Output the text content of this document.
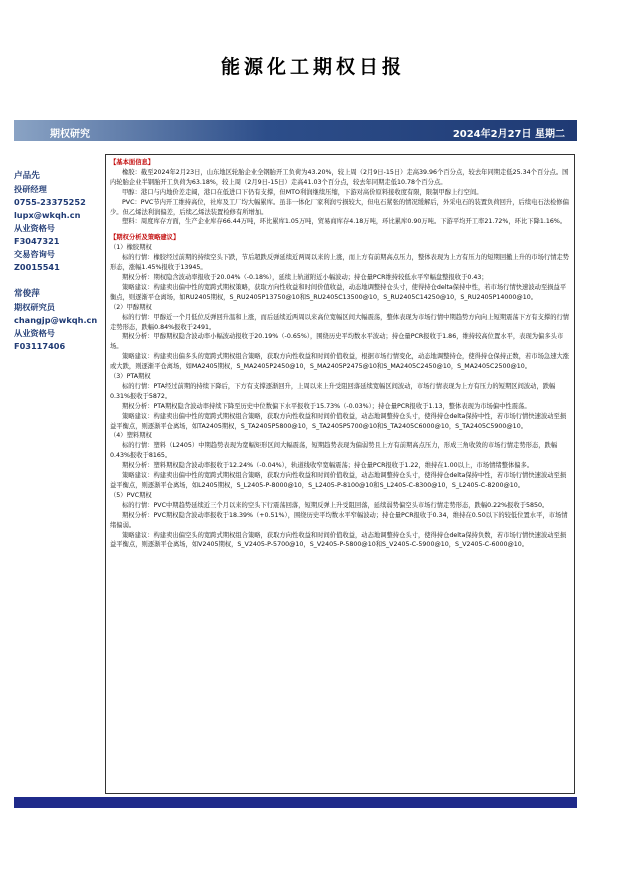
能源化工期权日报
期权研究	2024年2月27日 星期二
卢品先
投研经理
0755-23375252
lupx@wkqh.cn
从业资格号
F3047321
交易咨询号
Z0015541
常俊萍
期权研究员
changjp@wkqh.cn
从业资格号
F03117406
【基本面信息】

橡胶：截至2024年2月23日，山东地区轮胎企业全钢胎开工负荷为43.20%，较上周（2月9日-15日）走高39.96个百分点，较去年同期走低25.34个百分点。国内轮胎企业半钢胎开工负荷为63.18%，较上周（2月9日-15日）走高41.03个百分点，较去年同期走低10.78个百分点。

甲醇：港口与内地价差走阔，港口在低进口下仍有支撑，但MTO利润继续压缩，下游对高价原料接收度有限，限制甲醇上行空间。

PVC：PVC节内开工维持高位，社库及工厂均大幅累库。虽非一体化厂家利润亏损较大，但电石紧张的情况缓解后，外采电石的装置负荷回升，后续电石法检修偏少。但乙烯法利润偏差，后续乙烯法装置检修有所增加。

塑料：周度库存方面，生产企业库存66.44万吨，环比累库1.05万吨，贸易商库存4.18万吨，环比累库0.90万吨。下游平均开工率21.72%，环比下降1.16%。

【期权分析及策略建议】
（1）橡胶期权

标的行情：橡胶经过前期的持续空头下跌，节后超跌反弹延续近两周以来的上涨，而上方有前期高点压力，整体表现为上方有压力的短期回撤上升的市场行情走势形态，涨幅1.45%报收于13945。

期权分析：期权隐含波动率报收于20.04%（-0.18%），延续上轨道附近小幅波动；持仓量PCR维持较低水平窄幅盘整报收于0.43；

策略建议：构建卖出偏中性的宽跨式期权策略，获取方向性收益和时间价值收益，动态地调整持仓头寸，使得持仓delta保持中性，若市场行情快速波动至损益平衡点，则逐渐平仓离场，如RU2405期权，S_RU2405P13750@10和S_RU2405C13500@10，S_RU2405C14250@10，S_RU2405P14000@10。

（2）甲醇期权

标的行情：甲醇近一个月低位反弹回升温和上涨，而后延续近两周以来高位宽幅区间大幅震荡，整体表现为市场行情中期趋势方向向上短期震荡下方有支撑的行情走势形态，跌幅0.84%报收于2491。

期权分析：甲醇期权隐含波动率小幅波动报收于20.19%（-0.65%），围绕历史平均数水平波动；持仓量PCR报收于1.86，维持较高位置水平，表现为偏多头市场。

策略建议：构建卖出偏多头的宽跨式期权组合策略，获取方向性收益和时间价值收益，根据市场行情变化，动态地调整持仓，使得持仓保持正数，若市场急速大涨或大跌，则逐渐平仓离场，如MA2405期权，S_MA2405P2450@10，S_MA2405P2475@10和S_MA2405C2450@10，S_MA2405C2500@10。

（3）PTA期权

标的行情：PTA经过前期的持续下降后，下方有支撑逐渐回升，上周以来上升受阻回落延续宽幅区间波动，市场行情表现为上方有压力的短期区间波动，跌幅0.31%报收于5872。

期权分析：PTA期权隐含波动率持续下降至历史中位数偏下水平报收于15.73%（-0.03%）；持仓量PCR报收于1.13，整体表现为市场偏中性震荡。

策略建议：构建卖出偏中性的宽跨式期权组合策略，获取方向性收益和时间价值收益，动态地调整持仓头寸，使得持仓delta保持中性，若市场行情快速波动至损益平衡点，则逐渐平仓离场，如TA2405期权，S_TA2405P5800@10，S_TA2405P5700@10和S_TA2405C6000@10，S_TA2405C5900@10。

（4）塑料期权

标的行情：塑料（L2405）中期趋势表现为宽幅矩形区间大幅震荡，短期趋势表现为偏弱势且上方有前期高点压力，形成三角收敛的市场行情走势形态，跌幅0.43%报收于8165。

期权分析：塑料期权隐含波动率报收于12.24%（-0.04%），轨道线收窄宽幅震荡；持仓量PCR报收于1.22，维持在1.00以上，市场情绪整体偏多。

策略建议：构建卖出偏中性的宽跨式期权组合策略，获取方向性收益和时间价值收益，动态地调整持仓头寸，使得持仓delta保持中性，若市场行情快速波动至损益平衡点，则逐渐平仓离场，如L2405期权，S_L2405-P-8000@10，S_L2405-P-8100@10和S_L2405-C-8300@10，S_L2405-C-8200@10。

（5）PVC期权

标的行情：PVC中期趋势延续近三个月以来的空头下行震荡回落，短期反弹上升受阻回落，延续弱势偏空头市场行情走势形态，跌幅0.22%报收于5850。

期权分析：PVC期权隐含波动率报收于18.39%（+0.51%），围绕历史平均数水平窄幅波动；持仓量PCR报收于0.34，维持在0.50以下的较低位置水平，市场情绪偏弱。

策略建议：构建卖出偏空头的宽跨式期权组合策略，获取方向性收益和时间价值收益，动态地调整持仓头寸，使得持仓delta保持负数，若市场行情快速波动至损益平衡点，则逐渐平仓离场，如V2405期权，S_V2405-P-5700@10，S_V2405-P-5800@10和S_V2405-C-5900@10，S_V2405-C-6000@10。
